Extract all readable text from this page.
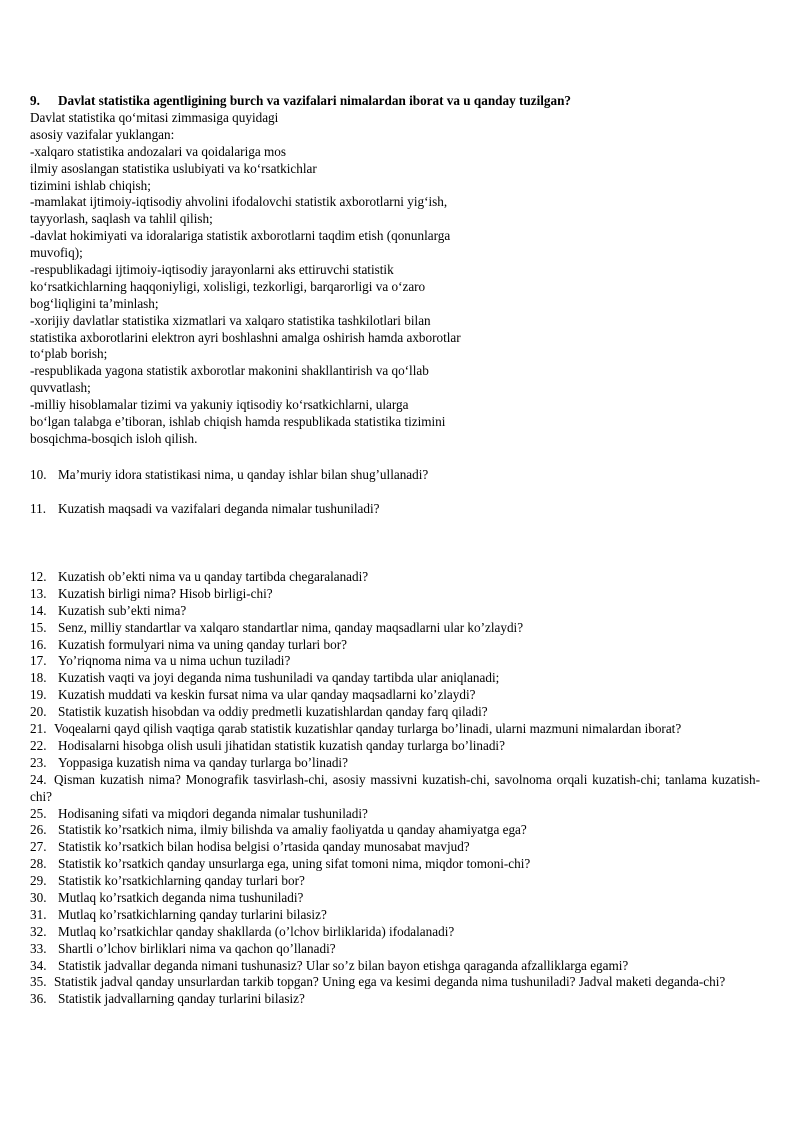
9. Davlat statistika agentligining burch va vazifalari nimalardan iborat va u qanday tuzilgan?
Davlat statistika qo‘mitasi zimmasiga quyidagi
asosiy vazifalar yuklangan:
-xalqaro statistika andozalari va qoidalariga mos
ilmiy asoslangan statistika uslubiyati va ko‘rsatkichlar
tizimini ishlab chiqish;
-mamlakat ijtimoiy-iqtisodiy ahvolini ifodalovchi statistik axborotlarni yig‘ish,
tayyorlash, saqlash va tahlil qilish;
-davlat hokimiyati va idoralariga statistik axborotlarni taqdim etish (qonunlarga
muvofiq);
-respublikadagi ijtimoiy-iqtisodiy jarayonlarni aks ettiruvchi statistik
ko‘rsatkichlarning haqqoniyligi, xolisligi, tezkorligi, barqarorligi va o‘zaro
bog‘liqligini ta’minlash;
-xorijiy davlatlar statistika xizmatlari va xalqaro statistika tashkilotlari bilan
statistika axborotlarini elektron ayri boshlashni amalga oshirish hamda axborotlar
to‘plab borish;
-respublikada yagona statistik axborotlar makonini shakllantirish va qo‘llab
quvvatlash;
-milliy hisoblamalar tizimi va yakuniy iqtisodiy ko‘rsatkichlarni, ularga
bo‘lgan talabga e’tiboran, ishlab chiqish hamda respublikada statistika tizimini
bosqichma-bosqich isloh qilish.
10. Ma’muriy idora statistikasi nima, u qanday ishlar bilan shug’ullanadi?
11. Kuzatish maqsadi va vazifalari deganda nimalar tushuniladi?
12. Kuzatish ob’ekti nima va u qanday tartibda chegaralanadi?
13. Kuzatish birligi nima? Hisob birligi-chi?
14. Kuzatish sub’ekti nima?
15. Senz, milliy standartlar va xalqaro standartlar nima, qanday maqsadlarni ular ko’zlaydi?
16. Kuzatish formulyari nima va uning qanday turlari bor?
17. Yo’riqnoma nima va u nima uchun tuziladi?
18. Kuzatish vaqti va joyi deganda nima tushuniladi va qanday tartibda ular aniqlanadi;
19. Kuzatish muddati va keskin fursat nima va ular qanday maqsadlarni ko’zlaydi?
20. Statistik kuzatish hisobdan va oddiy predmetli kuzatishlardan qanday farq qiladi?
21. Voqealarni qayd qilish vaqtiga qarab statistik kuzatishlar qanday turlarga bo’linadi, ularni mazmuni nimalardan iborat?
22. Hodisalarni hisobga olish usuli jihatidan statistik kuzatish qanday turlarga bo’linadi?
23. Yoppasiga kuzatish nima va qanday turlarga bo’linadi?
24. Qisman kuzatish nima? Monografik tasvirlash-chi, asosiy massivni kuzatish-chi, savolnoma orqali kuzatish-chi; tanlama kuzatish-chi?
25. Hodisaning sifati va miqdori deganda nimalar tushuniladi?
26. Statistik ko’rsatkich nima, ilmiy bilishda va amaliy faoliyatda u qanday ahamiyatga ega?
27. Statistik ko’rsatkich bilan hodisa belgisi o’rtasida qanday munosabat mavjud?
28. Statistik ko’rsatkich qanday unsurlarga ega, uning sifat tomoni nima, miqdor tomoni-chi?
29. Statistik ko’rsatkichlarning qanday turlari bor?
30. Mutlaq ko’rsatkich deganda nima tushuniladi?
31. Mutlaq ko’rsatkichlarning qanday turlarini bilasiz?
32. Mutlaq ko’rsatkichlar qanday shakllarda (o’lchov birliklarida) ifodalanadi?
33. Shartli o’lchov birliklari nima va qachon qo’llanadi?
34. Statistik jadvallar deganda nimani tushunasiz? Ular so’z bilan bayon etishga qaraganda afzalliklarga egami?
35. Statistik jadval qanday unsurlardan tarkib topgan? Uning ega va kesimi deganda nima tushuniladi? Jadval maketi deganda-chi?
36. Statistik jadvallarning qanday turlarini bilasiz?
